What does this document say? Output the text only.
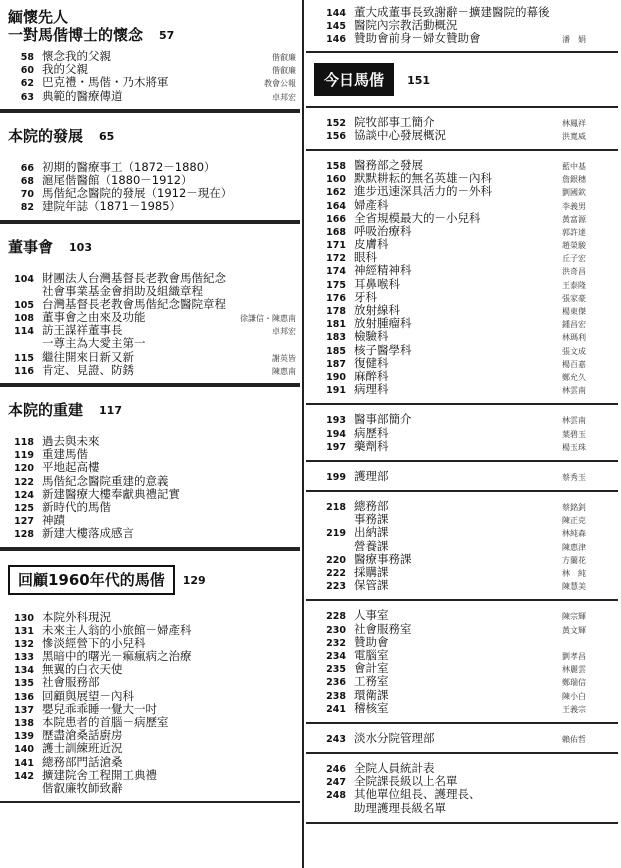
緬懷先人
一對馬偕博士的懷念 57
58 懷念我的父親	偕叡廉
60 我的父親	偕叡廉
62 巴克禮・馬偕・乃木將軍	教會公報
63 典範的醫療傳道	卓邦宏
本院的發展 65
66 初期的醫療事工（1872－1880）
68 滬尾偕醫館（1880－1912）
70 馬偕紀念醫院的發展（1912－現在）
82 建院年誌（1871－1985）
董事會 103
104 財團法人台灣基督長老教會馬偕紀念
社會事業基金會捐助及組織章程
105 台灣基督長老教會馬偕紀念醫院章程
108 董事會之由來及功能	徐謙信・陳惠南
114 訪王謀祥董事長	卓邦宏
一尊主為大愛主第一
115 繼往開來日新又新	謝英皆
116 肯定、見證、防銹	陳惠南
本院的重建 117
118 過去與未來
119 重建馬偕
120 平地起高樓
122 馬偕紀念醫院重建的意義
124 新建醫療大樓奉獻典禮記實
125 新時代的馬偕
127 神蹟
128 新建大樓落成感言
回顧1960年代的馬偕 129
130 本院外科現況
131 未來主人翁的小旅館－婦產科
132 慘淡經營下的小兒科
133 黑暗中的曙光－痲瘋病之治療
134 無翼的白衣天使
135 社會服務部
136 回顧與展望－內科
137 嬰兒乖乖睡一覺大一吋
138 本院患者的首腦－病歷室
139 歷盡滄桑話廚房
140 護士訓練班近況
141 總務部門話滄桑
142 擴建院舍工程開工典禮
偕叡廉牧師致辭
144 董大成董事長致謝辭－擴建醫院的幕後
145 醫院內宗教活動概況
146 贊助會前身－婦女贊助會	潘　娟
今日馬偕 151
152 院牧部事工簡介	林鳳祥
156 協談中心發展概況	洪寬威
158 醫務部之發展	藍中基
160 默默耕耘的無名英雄－內科	詹銀穗
162 進步迅速深具活力的－外科	劉國欽
164 婦產科	李義男
166 全省規模最大的－小兒科	黃富源
168 呼吸治療科	郭許達
171 皮膚科	趙榮駿
172 眼科	丘子宏
174 神經精神科	洪奇昌
175 耳鼻喉科	王泰隆
176 牙科	張家豪
178 放射線科	楊東傑
181 放射腫瘤科	鍾昌宏
183 檢驗科	林瑪利
185 核子醫學科	張文成
187 復健科	楊百嘉
190 麻醉科	鄭允久
191 病理科	林雲南
193 醫事部簡介	林雲南
194 病歷科	葉碧玉
197 藥劑科	楊玉珠
199 護理部	蔡秀玉
218 總務部	蔡銘釗
事務課	陳正克
219 出納課	林純森
營養課	陳惠津
220 醫療事務課	方蘭花
222 採購課	林　純
223 保管課	陳慧美
228 人事室	陳宗輝
230 社會服務室	黃文輝
232 贊助會
234 電腦室	劉孝昌
235 會計室	林麗雲
236 工務室	鄭瑞信
238 環衛課	陳小白
241 稽核室	王義宗
243 淡水分院管理部	賴佑哲
246 全院人員統計表
247 全院課長級以上名單
248 其他單位組長、護理長、
助理護理長級名單
